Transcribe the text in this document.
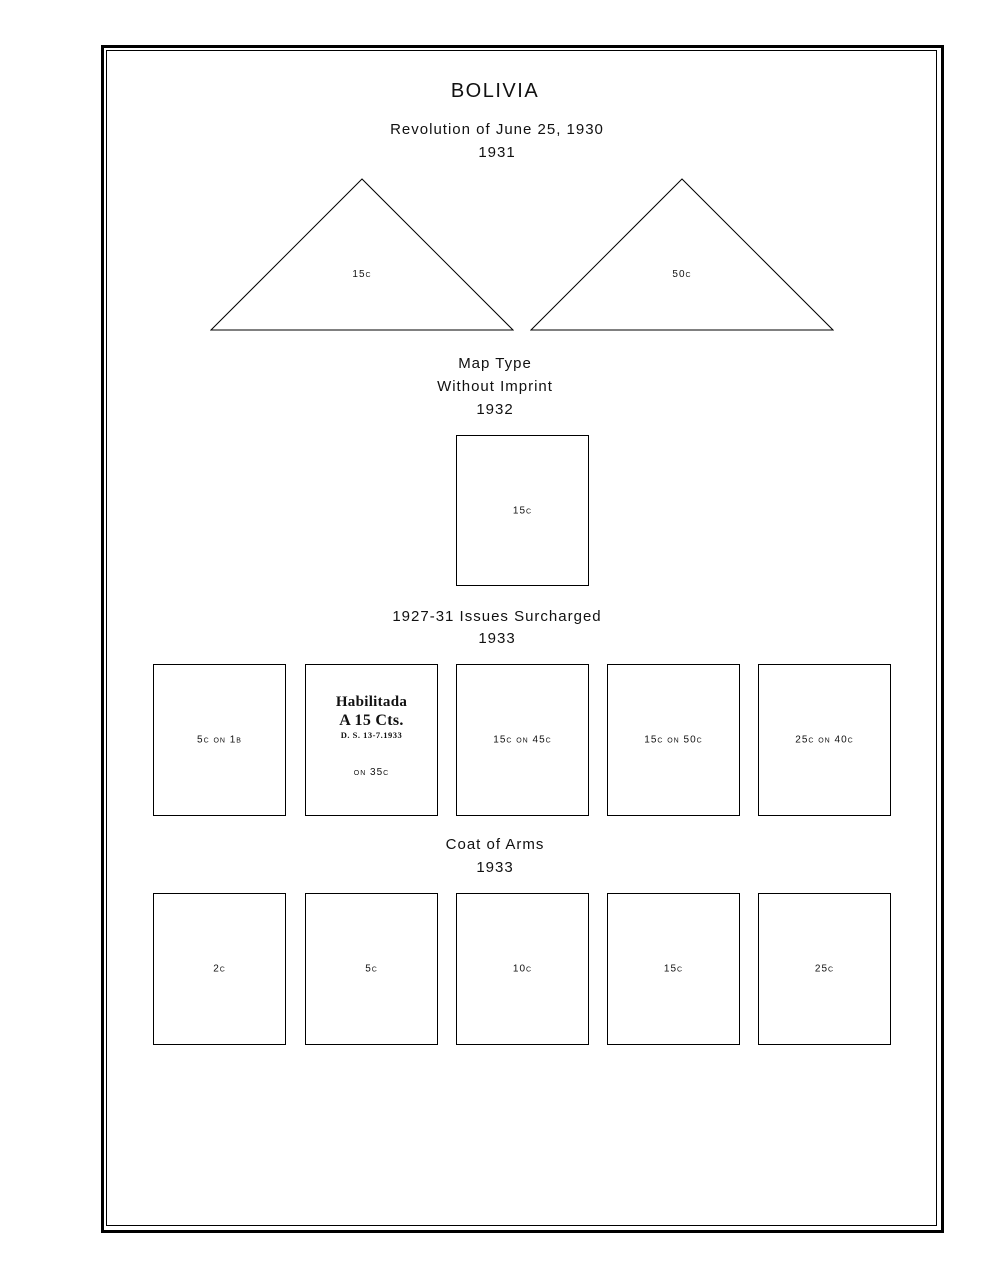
BOLIVIA
Revolution of June 25, 1930
1931
15c	50c
Map Type
Without Imprint
1932
15c
1927-31 Issues Surcharged
1933
5c on 1b
Habilitada
A 15 Cts.
D. S. 13-7.1933
on 35c
15c on 45c	15c on 50c	25c on 40c
Coat of Arms
1933
2c	5c	10c	15c	25c
